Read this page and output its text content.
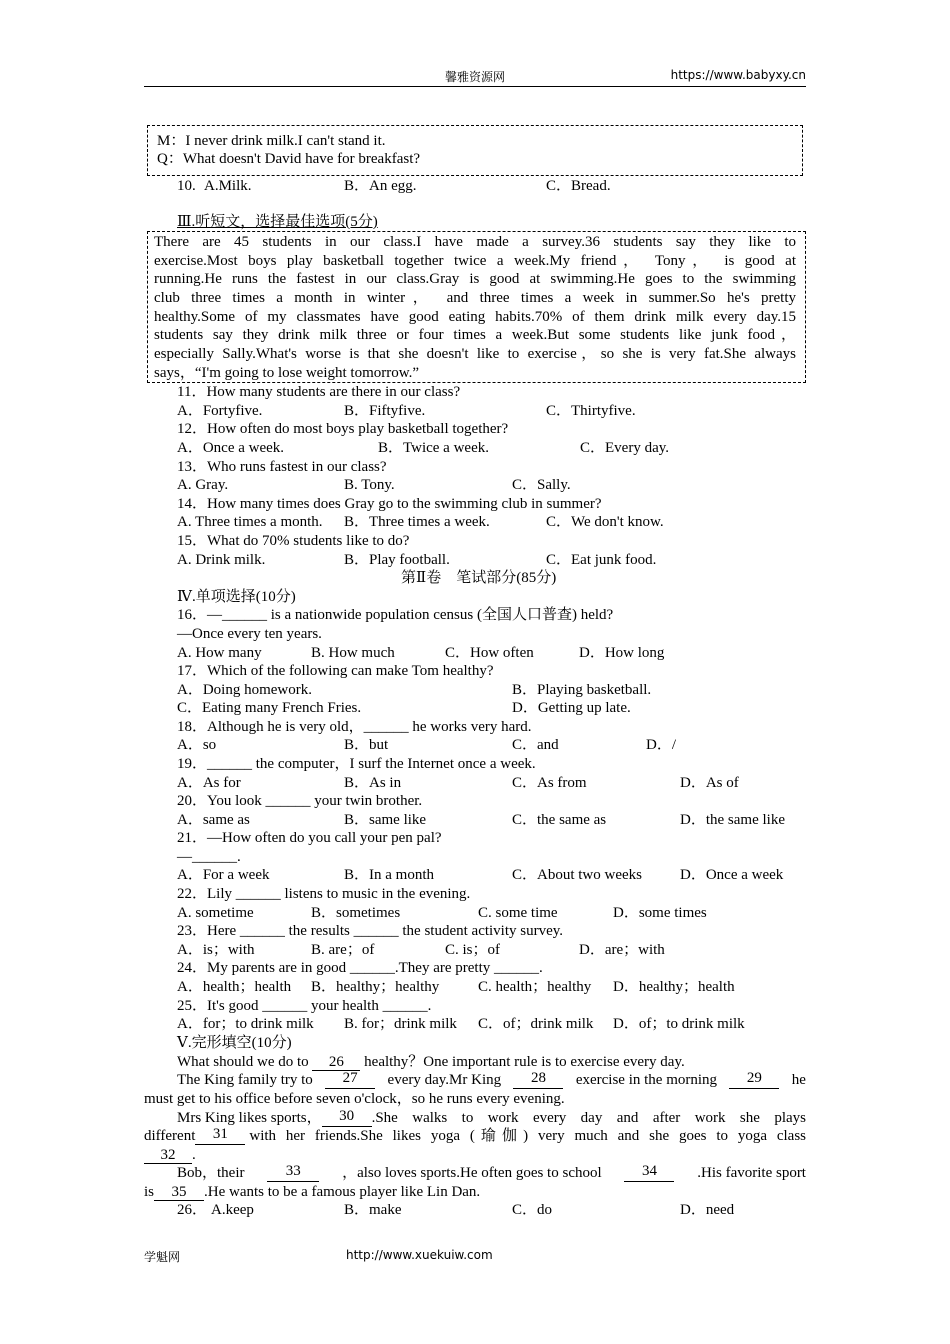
馨雅资源网	https://www.babyxy.cn
M：I never drink milk.I can't stand it.
Q：What doesn't David have for breakfast?
10. A.Milk.	B．An egg.	C．Bread.
Ⅲ.听短文，选择最佳选项(5分)
There are 45 students in our class.I have made a survey.36 students say they like to
exercise.Most boys play basketball together twice a week.My friend， Tony， is good at
running.He runs the fastest in our class.Gray is good at swimming.He goes to the swimming
club three times a month in winter， and three times a week in summer.So he's pretty
healthy.Some of my classmates have good eating habits.70% of them drink milk every day.15
students say they drink milk three or four times a week.But some students like junk food，
especially Sally.What's worse is that she doesn't like to exercise，so she is very fat.She always
says，“I'm going to lose weight tomorrow.”
11．How many students are there in our class?
A．Fortyfive.	B．Fiftyfive.	C．Thirtyfive.
12．How often do most boys play basketball together?
A．Once a week.	B．Twice a week.	C．Every day.
13．Who runs fastest in our class?
A. Gray.	B. Tony.	C．Sally.
14．How many times does Gray go to the swimming club in summer?
A. Three times a month. B．Three times a week.	C．We don't know.
15．What do 70% students like to do?
A. Drink milk.	B．Play football.	C．Eat junk food.
第Ⅱ卷　笔试部分(85分)
Ⅳ.单项选择(10分)
16．—______ is a nationwide population census (全国人口普查) held?
—Once every ten years.
A. How many	B. How much	C．How often	D．How long
17．Which of the following can make Tom healthy?
A．Doing homework.	B．Playing basketball.
C．Eating many French Fries.	D．Getting up late.
18．Although he is very old，______ he works very hard.
A．so	B．but	C．and	D．/
19．______ the computer，I surf the Internet once a week.
A．As for	B．As in	C．As from	D．As of
20．You look ______ your twin brother.
A．same as	B．same like	C．the same as	D．the same like
21．—How often do you call your pen pal?
—______.
A．For a week	B．In a month	C．About two weeks	D．Once a week
22．Lily ______ listens to music in the evening.
A. sometime	B．sometimes	C. some time	D．some times
23．Here ______ the results ______ the student activity survey.
A．is；with	B. are；of	C. is；of	D．are；with
24．My parents are in good ______.They are pretty ______.
A．health；health B．healthy；healthy	C. health；healthy D．healthy；health
25．It's good ______ your health ______.
A．for；to drink milk B. for；drink milk C．of；drink milk D．of；to drink milk
Ⅴ.完形填空(10分)
What should we do to 26 healthy？One important rule is to exercise every day.
The King family try to	27	every day.Mr King	28	exercise in the morning	29	he
must get to his office before seven o'clock，so he runs every evening.
Mrs King likes sports，	30	.She walks to work every day and after work she plays
different	31	with her friends.She likes yoga (瑜伽) very much and she goes to yoga class
32 .
Bob，their	33	，also loves sports.He often goes to school	34	.His favorite sport
is 35 .He wants to be a famous player like Lin Dan.
26． A.keep	B．make	C．do	D．need
学魁网	http://www.xuekuiw.com
